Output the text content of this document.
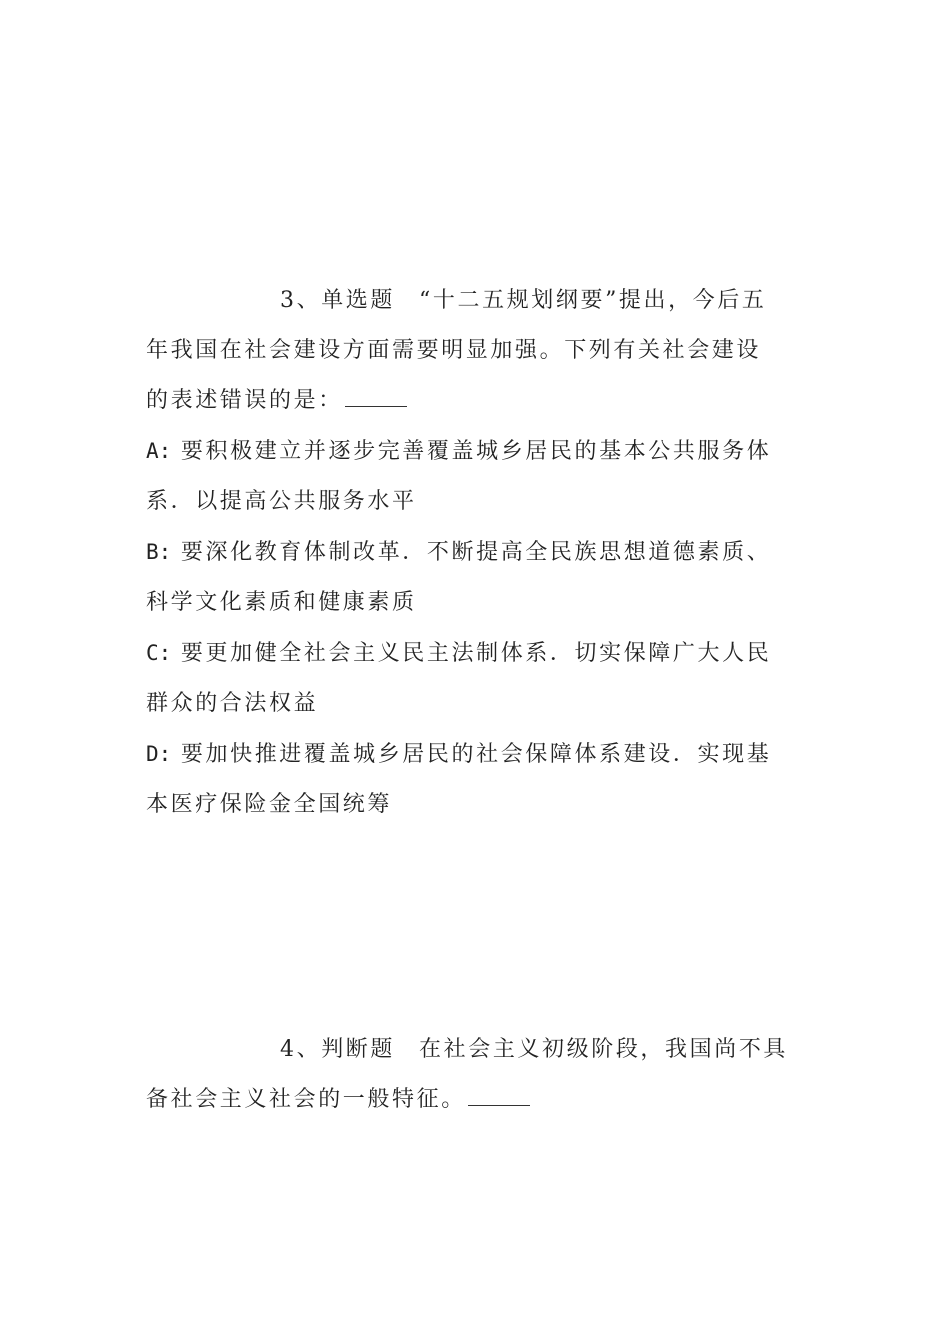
3、单选题 “十二五规划纲要”提出，今后五
年我国在社会建设方面需要明显加强。下列有关社会建设
的表述错误的是：
A: 要积极建立并逐步完善覆盖城乡居民的基本公共服务体
系．以提高公共服务水平
B: 要深化教育体制改革．不断提高全民族思想道德素质、
科学文化素质和健康素质
C: 要更加健全社会主义民主法制体系．切实保障广大人民
群众的合法权益
D: 要加快推进覆盖城乡居民的社会保障体系建设．实现基
本医疗保险金全国统筹
4、判断题 在社会主义初级阶段，我国尚不具
备社会主义社会的一般特征。
